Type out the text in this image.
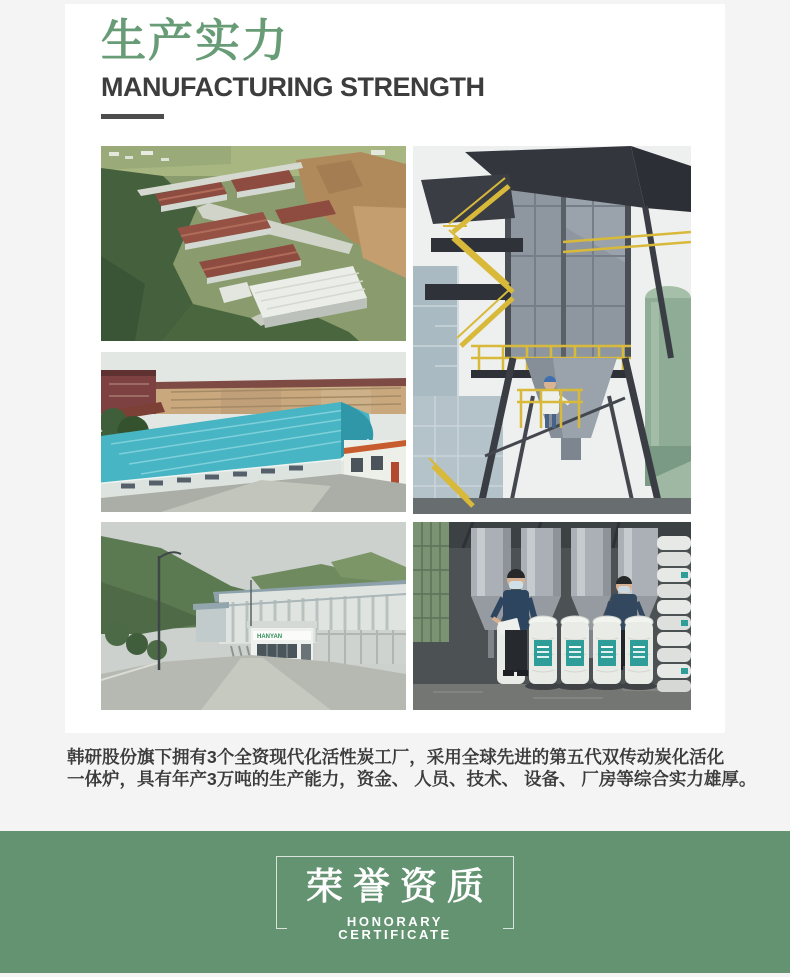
生产实力
MANUFACTURING STRENGTH
HANYAN
韩研股份旗下拥有3个全资现代化活性炭工厂，采用全球先进的第五代双传动炭化活化
一体炉，具有年产3万吨的生产能力，资金、 人员、技术、 设备、 厂房等综合实力雄厚。
荣誉资质
HONORARY CERTIFICATE
